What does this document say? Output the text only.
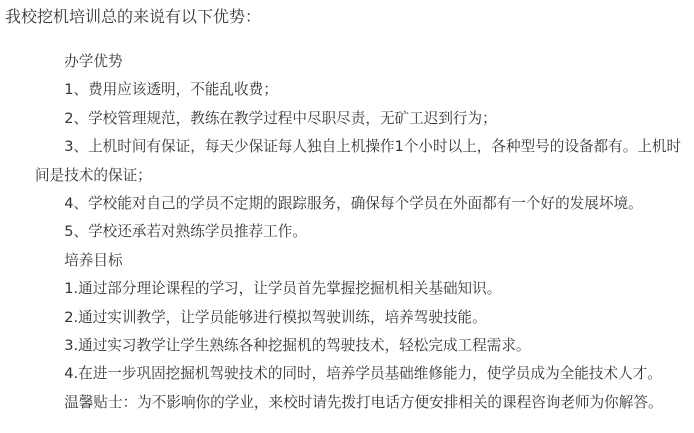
我校挖机培训总的来说有以下优势：

办学优势

1、费用应该透明，不能乱收费；

2、学校管理规范，教练在教学过程中尽职尽责，无矿工迟到行为；

3、上机时间有保证，每天少保证每人独自上机操作1个小时以上，各种型号的设备都有。上机时间是技术的保证；

4、学校能对自己的学员不定期的跟踪服务，确保每个学员在外面都有一个好的发展坏境。

5、学校还承若对熟练学员推荐工作。

培养目标

1.通过部分理论课程的学习，让学员首先掌握挖掘机相关基础知识。

2.通过实训教学，让学员能够进行模拟驾驶训练，培养驾驶技能。

3.通过实习教学让学生熟练各种挖掘机的驾驶技术，轻松完成工程需求。

4.在进一步巩固挖掘机驾驶技术的同时，培养学员基础维修能力，使学员成为全能技术人才。

温馨贴士：为不影响你的学业，来校时请先拨打电话方便安排相关的课程咨询老师为你解答。
